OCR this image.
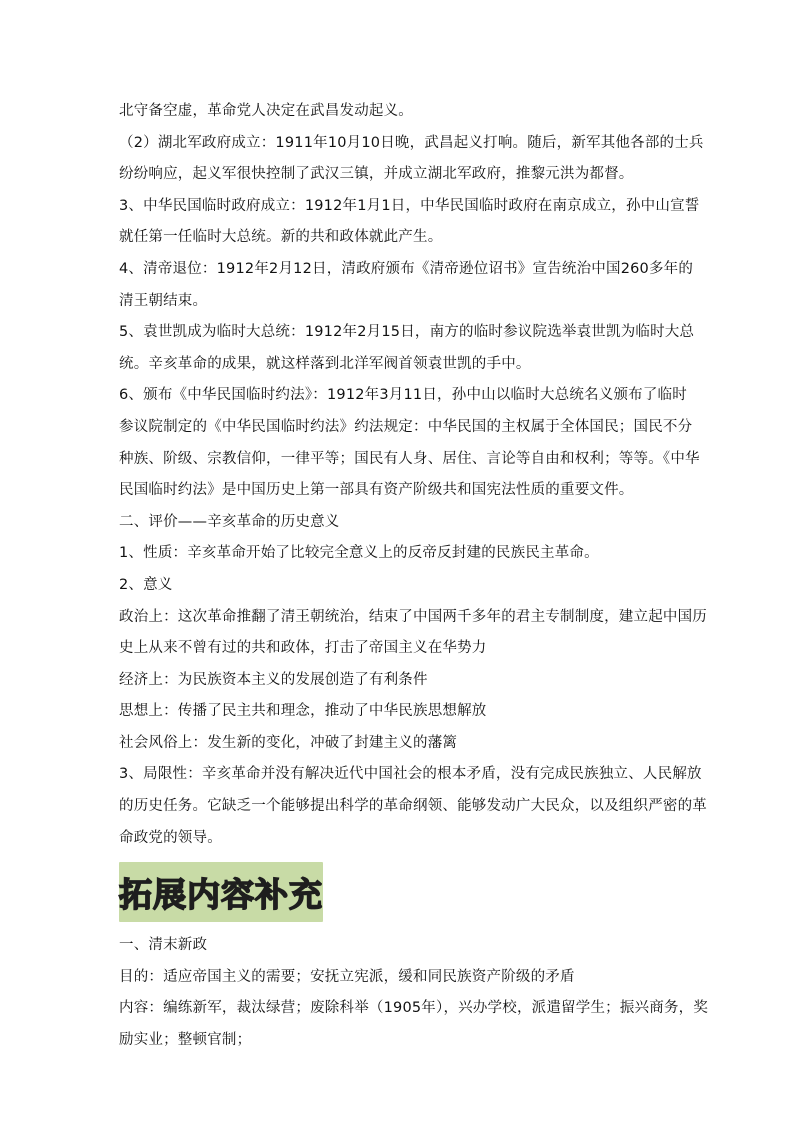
北守备空虚，革命党人决定在武昌发动起义。
（2）湖北军政府成立：1911年10月10日晚，武昌起义打响。随后，新军其他各部的士兵
纷纷响应，起义军很快控制了武汉三镇，并成立湖北军政府，推黎元洪为都督。
3、中华民国临时政府成立：1912年1月1日，中华民国临时政府在南京成立，孙中山宣誓
就任第一任临时大总统。新的共和政体就此产生。
4、清帝退位：1912年2月12日，清政府颁布《清帝逊位诏书》宣告统治中国260多年的
清王朝结束。
5、袁世凯成为临时大总统：1912年2月15日，南方的临时参议院选举袁世凯为临时大总
统。辛亥革命的成果，就这样落到北洋军阀首领袁世凯的手中。
6、颁布《中华民国临时约法》：1912年3月11日，孙中山以临时大总统名义颁布了临时
参议院制定的《中华民国临时约法》约法规定：中华民国的主权属于全体国民；国民不分
种族、阶级、宗教信仰，一律平等；国民有人身、居住、言论等自由和权利；等等。《中华
民国临时约法》是中国历史上第一部具有资产阶级共和国宪法性质的重要文件。
二、评价——辛亥革命的历史意义
1、性质：辛亥革命开始了比较完全意义上的反帝反封建的民族民主革命。
2、意义
政治上：这次革命推翻了清王朝统治，结束了中国两千多年的君主专制制度，建立起中国历
史上从来不曾有过的共和政体，打击了帝国主义在华势力
经济上：为民族资本主义的发展创造了有利条件
思想上：传播了民主共和理念，推动了中华民族思想解放
社会风俗上：发生新的变化，冲破了封建主义的藩篱
3、局限性：辛亥革命并没有解决近代中国社会的根本矛盾，没有完成民族独立、人民解放
的历史任务。它缺乏一个能够提出科学的革命纲领、能够发动广大民众，以及组织严密的革
命政党的领导。
拓展内容补充
一、清末新政
目的：适应帝国主义的需要；安抚立宪派，缓和同民族资产阶级的矛盾
内容：编练新军，裁汰绿营；废除科举（1905年），兴办学校，派遣留学生；振兴商务，奖
励实业；整顿官制；
